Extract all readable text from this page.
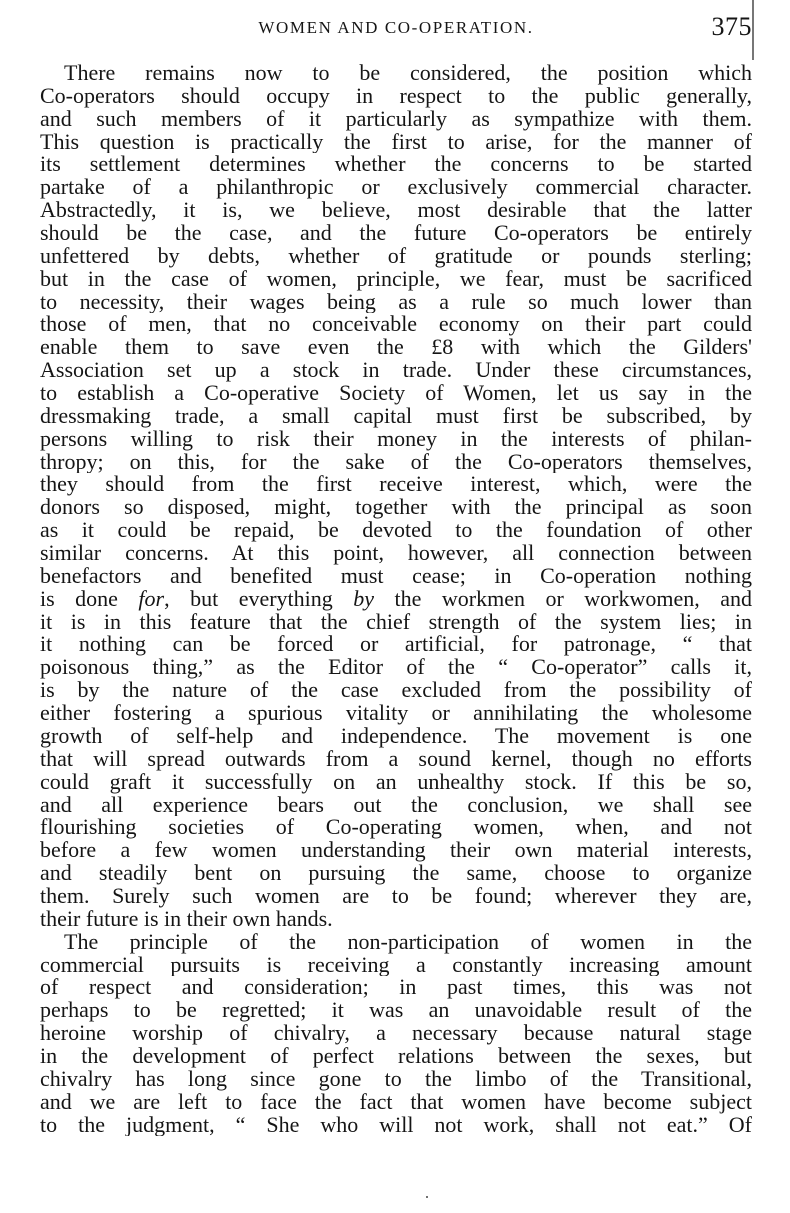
WOMEN AND CO-OPERATION.	375
There remains now to be considered, the position which
Co-operators should occupy in respect to the public generally,
and such members of it particularly as sympathize with them.
This question is practically the first to arise, for the manner of
its settlement determines whether the concerns to be started
partake of a philanthropic or exclusively commercial character.
Abstractedly, it is, we believe, most desirable that the latter
should be the case, and the future Co-operators be entirely
unfettered by debts, whether of gratitude or pounds sterling;
but in the case of women, principle, we fear, must be sacrificed
to necessity, their wages being as a rule so much lower than
those of men, that no conceivable economy on their part could
enable them to save even the £8 with which the Gilders'
Association set up a stock in trade. Under these circumstances,
to establish a Co-operative Society of Women, let us say in the
dressmaking trade, a small capital must first be subscribed, by
persons willing to risk their money in the interests of philan-
thropy; on this, for the sake of the Co-operators themselves,
they should from the first receive interest, which, were the
donors so disposed, might, together with the principal as soon
as it could be repaid, be devoted to the foundation of other
similar concerns. At this point, however, all connection between
benefactors and benefited must cease; in Co-operation nothing
is done for, but everything by the workmen or workwomen, and
it is in this feature that the chief strength of the system lies; in
it nothing can be forced or artificial, for patronage, “ that
poisonous thing,” as the Editor of the “ Co-operator” calls it,
is by the nature of the case excluded from the possibility of
either fostering a spurious vitality or annihilating the wholesome
growth of self-help and independence. The movement is one
that will spread outwards from a sound kernel, though no efforts
could graft it successfully on an unhealthy stock. If this be so,
and all experience bears out the conclusion, we shall see
flourishing societies of Co-operating women, when, and not
before a few women understanding their own material interests,
and steadily bent on pursuing the same, choose to organize
them. Surely such women are to be found; wherever they are,
their future is in their own hands.
The principle of the non-participation of women in the
commercial pursuits is receiving a constantly increasing amount
of respect and consideration; in past times, this was not
perhaps to be regretted; it was an unavoidable result of the
heroine worship of chivalry, a necessary because natural stage
in the development of perfect relations between the sexes, but
chivalry has long since gone to the limbo of the Transitional,
and we are left to face the fact that women have become subject
to the judgment, “ She who will not work, shall not eat.” Of
